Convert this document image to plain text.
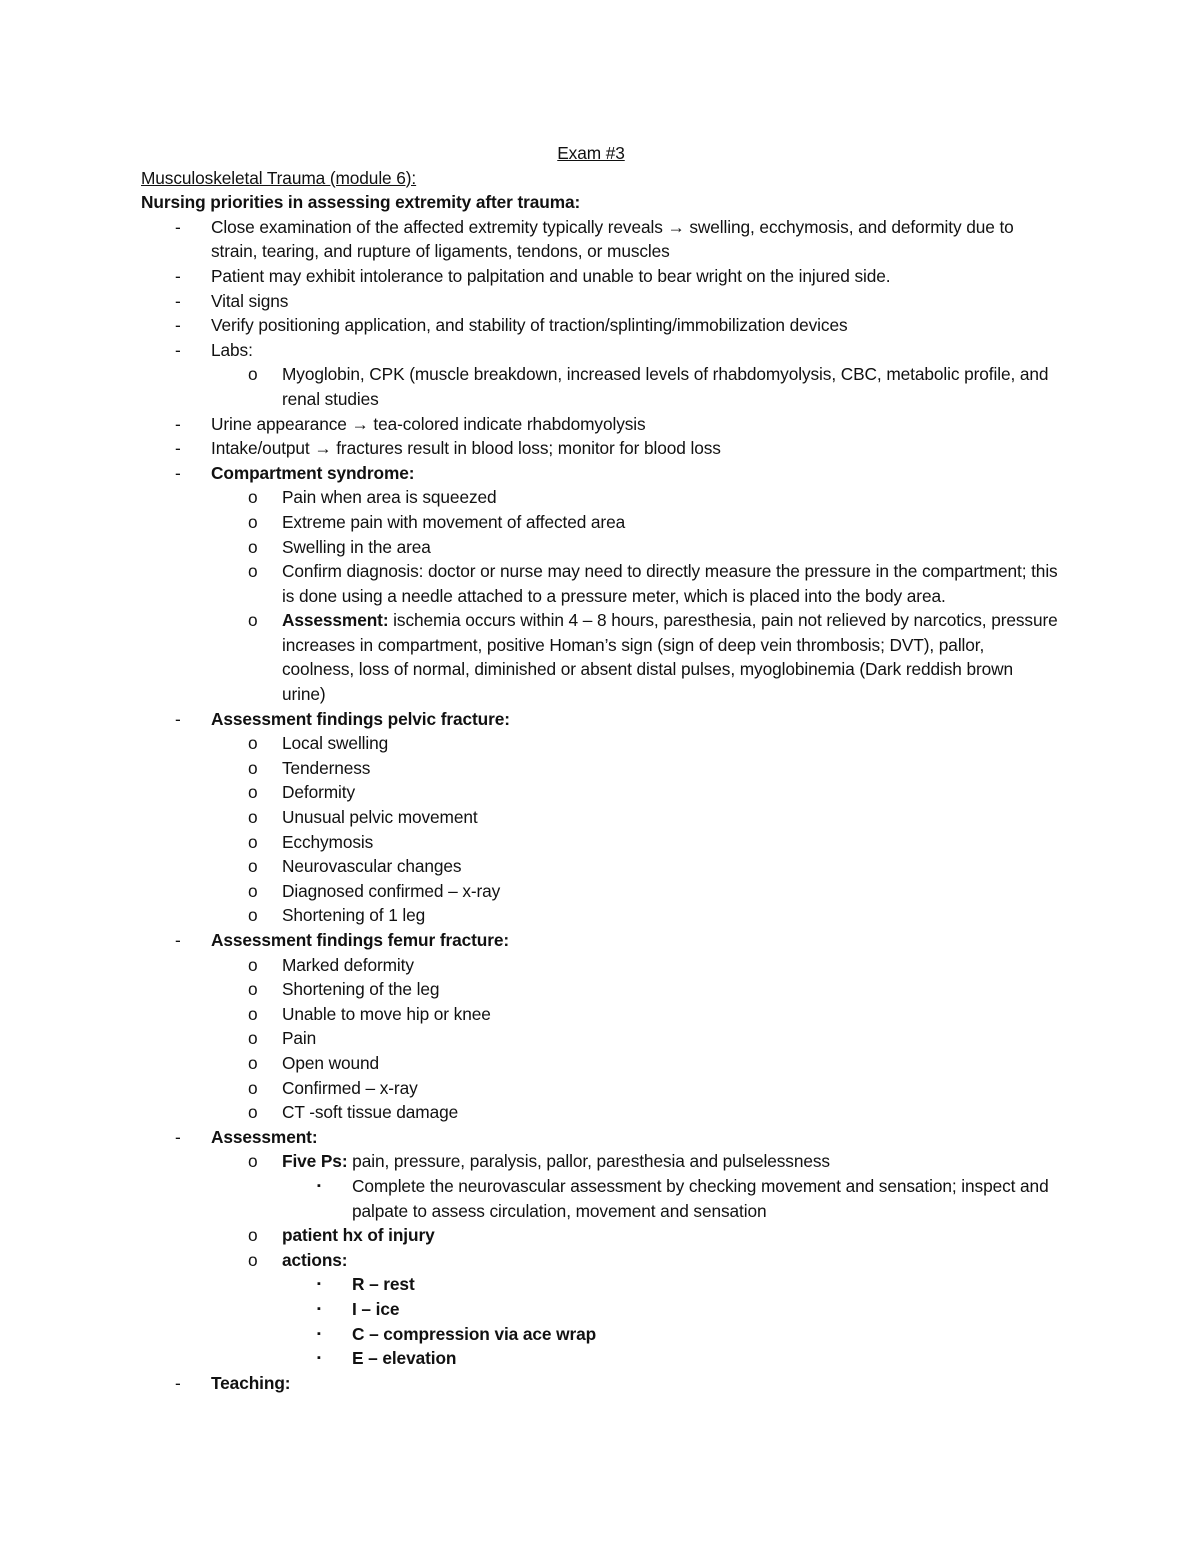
Exam #3
Musculoskeletal Trauma (module 6):
Nursing priorities in assessing extremity after trauma:
-	Close examination of the affected extremity typically reveals → swelling, ecchymosis, and deformity due to strain, tearing, and rupture of ligaments, tendons, or muscles
-	Patient may exhibit intolerance to palpitation and unable to bear wright on the injured side.
-	Vital signs
-	Verify positioning application, and stability of traction/splinting/immobilization devices
-	Labs:
o	Myoglobin, CPK (muscle breakdown, increased levels of rhabdomyolysis, CBC, metabolic profile, and renal studies
-	Urine appearance → tea-colored indicate rhabdomyolysis
-	Intake/output → fractures result in blood loss; monitor for blood loss
-	Compartment syndrome:
o	Pain when area is squeezed
o	Extreme pain with movement of affected area
o	Swelling in the area
o	Confirm diagnosis: doctor or nurse may need to directly measure the pressure in the compartment; this is done using a needle attached to a pressure meter, which is placed into the body area.
o	Assessment: ischemia occurs within 4 – 8 hours, paresthesia, pain not relieved by narcotics, pressure increases in compartment, positive Homan’s sign (sign of deep vein thrombosis; DVT), pallor, coolness, loss of normal, diminished or absent distal pulses, myoglobinemia (Dark reddish brown urine)
-	Assessment findings pelvic fracture:
o	Local swelling
o	Tenderness
o	Deformity
o	Unusual pelvic movement
o	Ecchymosis
o	Neurovascular changes
o	Diagnosed confirmed – x-ray
o	Shortening of 1 leg
-	Assessment findings femur fracture:
o	Marked deformity
o	Shortening of the leg
o	Unable to move hip or knee
o	Pain
o	Open wound
o	Confirmed – x-ray
o	CT -soft tissue damage
-	Assessment:
o	Five Ps: pain, pressure, paralysis, pallor, paresthesia and pulselessness
▪	Complete the neurovascular assessment by checking movement and sensation; inspect and palpate to assess circulation, movement and sensation
o	patient hx of injury
o	actions:
▪	R – rest
▪	I – ice
▪	C – compression via ace wrap
▪	E – elevation
-	Teaching:
